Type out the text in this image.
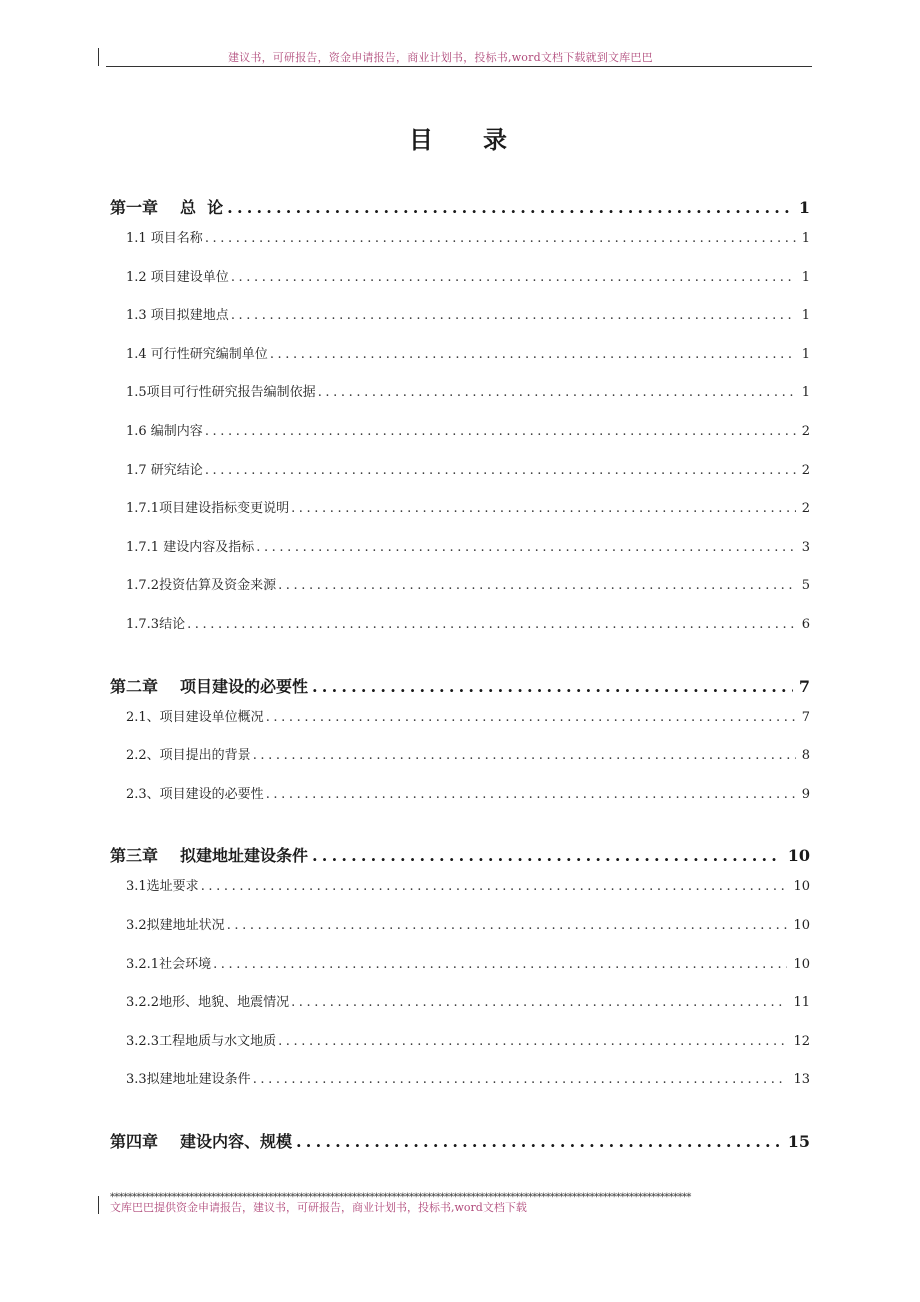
建议书，可研报告，资金申请报告，商业计划书，投标书,word文档下载就到文库巴巴
目 录
第一章 总  论 .....	1
1.1 项目名称 .....	1
1.2 项目建设单位 .....	1
1.3 项目拟建地点 .....	1
1.4 可行性研究编制单位 .....	1
1.5项目可行性研究报告编制依据 .....	1
1.6 编制内容 .....	2
1.7 研究结论 .....	2
1.7.1项目建设指标变更说明 .....	2
1.7.1 建设内容及指标 .....	3
1.7.2投资估算及资金来源 .....	5
1.7.3结论 .....	6
第二章 项目建设的必要性 .....	7
2.1、项目建设单位概况 .....	7
2.2、项目提出的背景 .....	8
2.3、项目建设的必要性 .....	9
第三章 拟建地址建设条件 .....	10
3.1选址要求 .....	10
3.2拟建地址状况 .....	10
3.2.1社会环境 .....	10
3.2.2地形、地貌、地震情况 .....	11
3.2.3工程地质与水文地质 .....	12
3.3拟建地址建设条件 .....	13
第四章 建设内容、规模 .....	15
************************************************************************************************************************************
文库巴巴提供资金申请报告，建议书，可研报告，商业计划书，投标书,word文档下载
